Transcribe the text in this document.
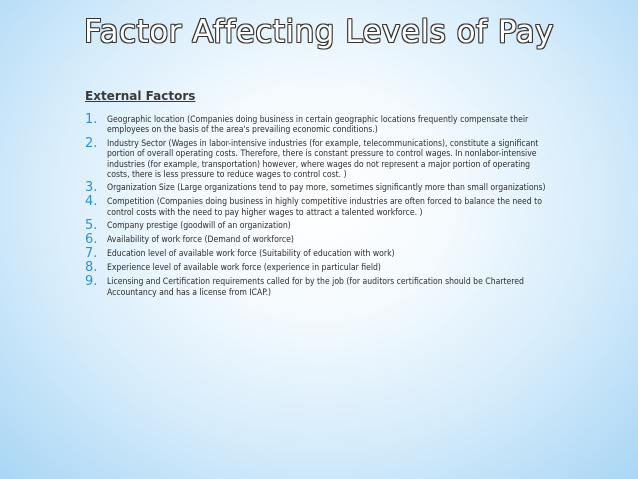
Factor Affecting Levels of Pay
External Factors
1.	Geographic location (Companies doing business in certain geographic locations frequently compensate their employees on the basis of the area's prevailing economic conditions.)
2.	Industry Sector (Wages in labor-intensive industries (for example, telecommunications), constitute a significant portion of overall operating costs. Therefore, there is constant pressure to control wages. In nonlabor-intensive industries (for example, transportation) however, where wages do not represent a major portion of operating costs, there is less pressure to reduce wages to control cost. )
3.	Organization Size (Large organizations tend to pay more, sometimes significantly more than small organizations)
4.	Competition (Companies doing business in highly competitive industries are often forced to balance the need to control costs with the need to pay higher wages to attract a talented workforce. )
5.	Company prestige (goodwill of an organization)
6.	Availability of work force (Demand of workforce)
7.	Education level of available work force (Suitability of education with work)
8.	Experience level of available work force (experience in particular field)
9.	Licensing and Certification requirements called for by the job (for auditors certification should be Chartered Accountancy and has a license from ICAP.)
